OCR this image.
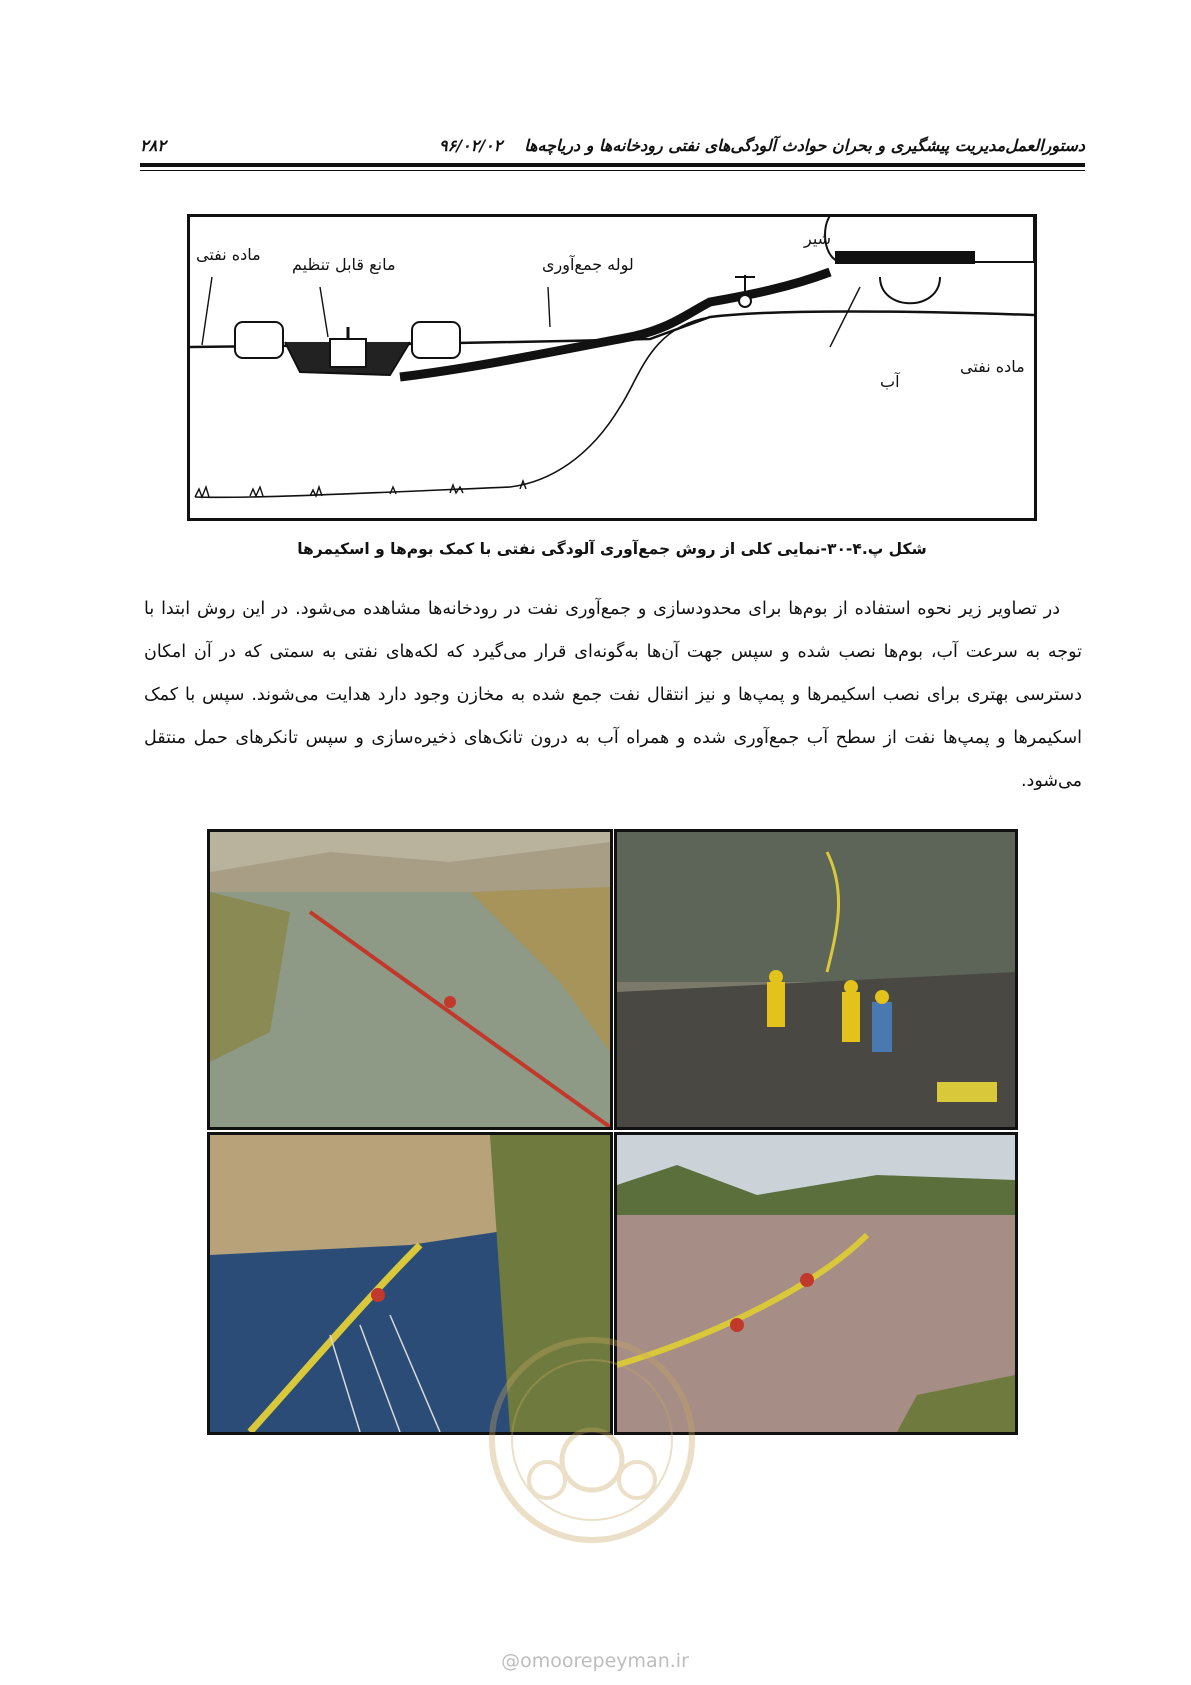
دستورالعمل‌مدیریت پیشگیری و بحران حوادث آلودگی‌های نفتی رودخانه‌ها و دریاچه‌ها
۹۶/۰۲/۰۲
۲۸۲
ماده نفتی
مانع قابل تنظیم	لوله جمع‌آوری
شیر
آب
ماده نفتی
شکل پ.۴-۳۰-نمایی کلی از روش جمع‌آوری آلودگی نفتی با کمک بوم‌ها و اسکیمرها

در تصاویر زیر نحوه استفاده از بوم‌ها برای محدودسازی و جمع‌آوری نفت در رودخانه‌ها مشاهده می‌شود. در این روش ابتدا با توجه به سرعت آب، بوم‌ها نصب شده و سپس جهت آن‌ها به‌گونه‌ای قرار می‌گیرد که لکه‌های نفتی به سمتی که در آن امکان دسترسی بهتری برای نصب اسکیمرها و پمپ‌ها و نیز انتقال نفت جمع شده به مخازن وجود دارد هدایت می‌شوند. سپس با کمک اسکیمرها و پمپ‌ها نفت از سطح آب جمع‌آوری شده و همراه آب به درون تانک‌های ذخیره‌سازی و سپس تانکرهای حمل منتقل می‌شود.

@omoorepeyman.ir
